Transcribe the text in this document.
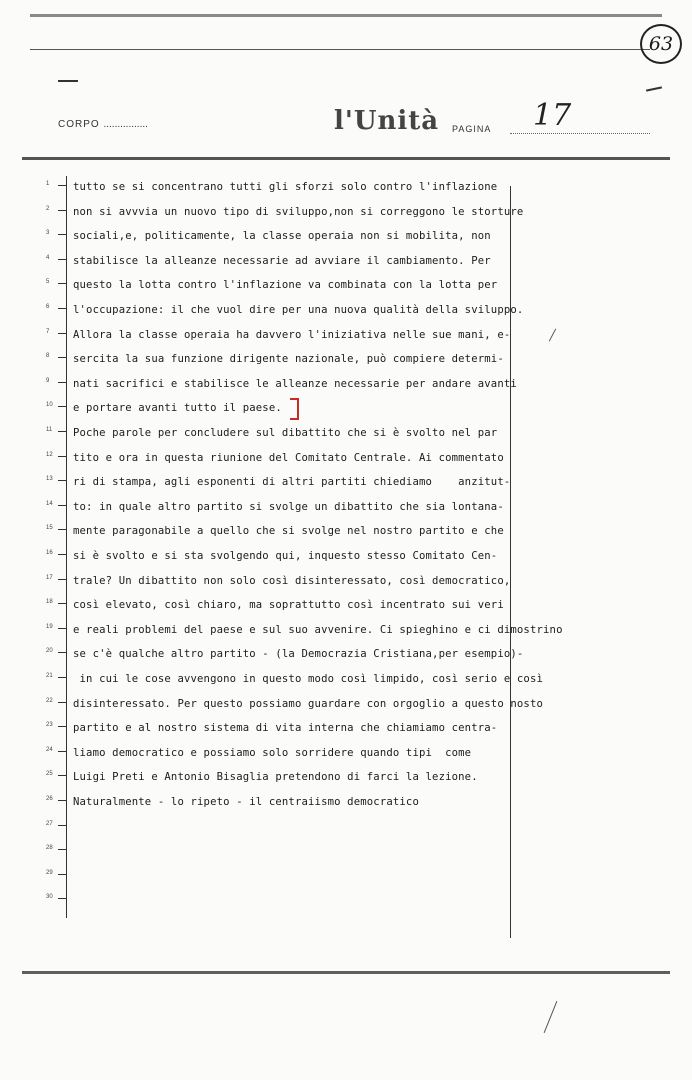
63
CORPO ................	l'Unità PAGINA 17
1
2
3
4
5
6
7
8
9
10
11
12
13
14
15
16
17
18
19
20
21
22
23
24
25
26
27
28
29
30
tutto se si concentrano tutti gli sforzi solo contro l'inflazione
non si avvvia un nuovo tipo di sviluppo,non si correggono le storture
sociali,e, politicamente, la classe operaia non si mobilita, non
stabilisce la alleanze necessarie ad avviare il cambiamento. Per
questo la lotta contro l'inflazione va combinata con la lotta per
l'occupazione: il che vuol dire per una nuova qualità della sviluppo.
Allora la classe operaia ha davvero l'iniziativa nelle sue mani, e-
sercita la sua funzione dirigente nazionale, può compiere determi-
nati sacrifici e stabilisce le alleanze necessarie per andare avanti
e portare avanti tutto il paese.
Poche parole per concludere sul dibattito che si è svolto nel par
tito e ora in questa riunione del Comitato Centrale. Ai commentato
ri di stampa, agli esponenti di altri partiti chiediamo    anzitut-
to: in quale altro partito si svolge un dibattito che sia lontana-
mente paragonabile a quello che si svolge nel nostro partito e che
si è svolto e si sta svolgendo qui, inquesto stesso Comitato Cen-
trale? Un dibattito non solo così disinteressato, così democratico,
così elevato, così chiaro, ma soprattutto così incentrato sui veri
e reali problemi del paese e sul suo avvenire. Ci spieghino e ci dimostrino
se c'è qualche altro partito - (la Democrazia Cristiana,per esempio)-
in cui le cose avvengono in questo modo così limpido, così serio e così
disinteressato. Per questo possiamo guardare con orgoglio a questo nosto
partito e al nostro sistema di vita interna che chiamiamo centra-
liamo democratico e possiamo solo sorridere quando tipi  come
Luigi Preti e Antonio Bisaglia pretendono di farci la lezione.
Naturalmente - lo ripeto - il centraiismo democratico
